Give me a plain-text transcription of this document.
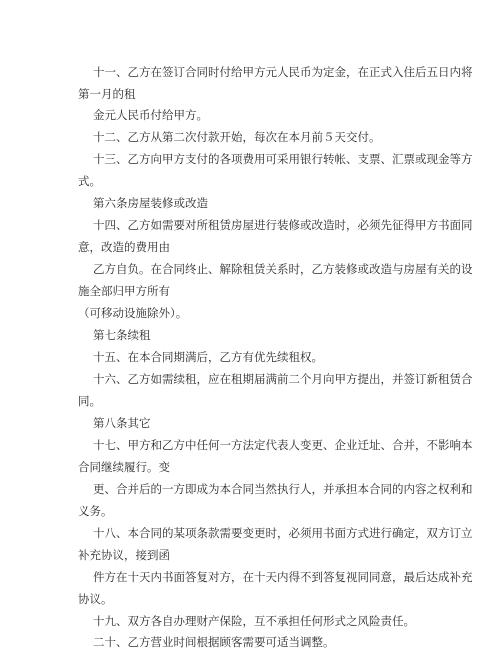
十一、乙方在签订合同时付给甲方元人民币为定金，在正式入住后五日内将

第一月的租

金元人民币付给甲方。

十二、乙方从第二次付款开始，每次在本月前５天交付。

十三、乙方向甲方支付的各项费用可采用银行转帐、支票、汇票或现金等方

式。

第六条房屋装修或改造

十四、乙方如需要对所租赁房屋进行装修或改造时，必须先征得甲方书面同

意，改造的费用由

乙方自负。在合同终止、解除租赁关系时，乙方装修或改造与房屋有关的设

施全部归甲方所有

（可移动设施除外）。

第七条续租

十五、在本合同期满后，乙方有优先续租权。

十六、乙方如需续租，应在租期届满前二个月向甲方提出，并签订新租赁合

同。

第八条其它

十七、甲方和乙方中任何一方法定代表人变更、企业迁址、合并，不影响本

合同继续履行。变

更、合并后的一方即成为本合同当然执行人，并承担本合同的内容之权利和

义务。

十八、本合同的某项条款需要变更时，必须用书面方式进行确定，双方订立

补充协议，接到函

件方在十天内书面答复对方，在十天内得不到答复视同同意，最后达成补充

协议。

十九、双方各自办理财产保险，互不承担任何形式之风险责任。

二十、乙方营业时间根据顾客需要可适当调整。
